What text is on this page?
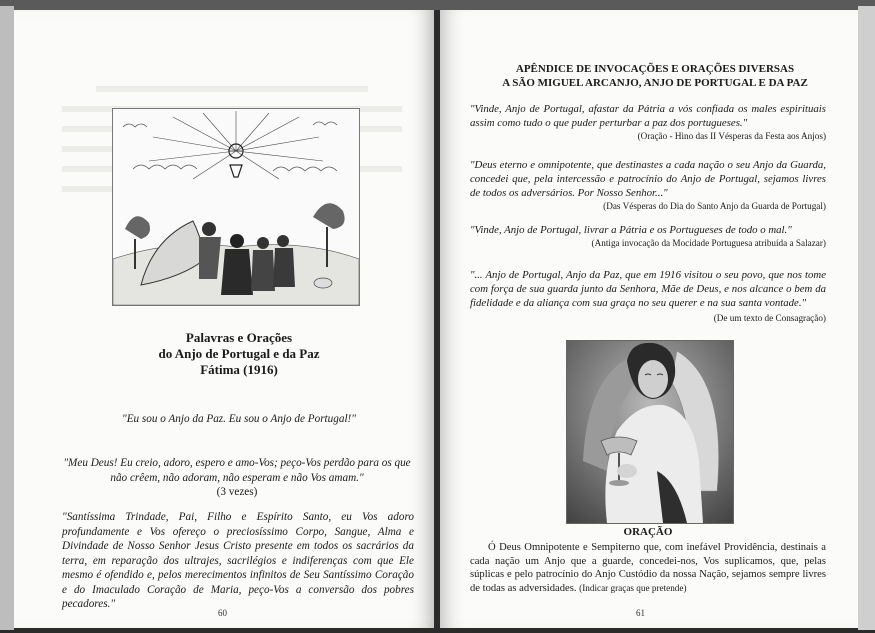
Palavras e Orações
do Anjo de Portugal e da Paz
Fátima (1916)
"Eu sou o Anjo da Paz. Eu sou o Anjo de Portugal!"
"Meu Deus! Eu creio, adoro, espero e amo-Vos; peço-Vos perdão para os que não crêem, não adoram, não esperam e não Vos amam."
(3 vezes)
"Santíssima Trindade, Pai, Filho e Espírito Santo, eu Vos adoro profundamente e Vos ofereço o preciosíssimo Corpo, Sangue, Alma e Divindade de Nosso Senhor Jesus Cristo presente em todos os sacrários da terra, em reparação dos ultrajes, sacrilégios e indiferenças com que Ele mesmo é ofendido e, pelos merecimentos infinitos de Seu Santíssimo Coração e do Imaculado Coração de Maria, peço-Vos a conversão dos pobres pecadores."
60
APÊNDICE DE INVOCAÇÕES E ORAÇÕES DIVERSAS
A SÃO MIGUEL ARCANJO, ANJO DE PORTUGAL E DA PAZ
"Vinde, Anjo de Portugal, afastar da Pátria a vós confiada os males espirituais assim como tudo o que puder perturbar a paz dos portugueses."
(Oração - Hino das II Vésperas da Festa aos Anjos)
"Deus eterno e omnipotente, que destinastes a cada nação o seu Anjo da Guarda, concedei que, pela intercessão e patrocínio do Anjo de Portugal, sejamos livres de todos os adversários. Por Nosso Senhor..."
(Das Vésperas do Dia do Santo Anjo da Guarda de Portugal)
"Vinde, Anjo de Portugal, livrar a Pátria e os Portugueses de todo o mal."
(Antiga invocação da Mocidade Portuguesa atribuída a Salazar)
"... Anjo de Portugal, Anjo da Paz, que em 1916 visitou o seu povo, que nos tome com força de sua guarda junto da Senhora, Mãe de Deus, e nos alcance o bem da fidelidade e da aliança com sua graça no seu querer e na sua santa vontade."
(De um texto de Consagração)
ORAÇÃO
Ó Deus Omnipotente e Sempiterno que, com inefável Providência, destinais a cada nação um Anjo que a guarde, concedei-nos, Vos suplicamos, que, pelas súplicas e pelo patrocínio do Anjo Custódio da nossa Nação, sejamos sempre livres de todas as adversidades. (Indicar graças que pretende)
61
